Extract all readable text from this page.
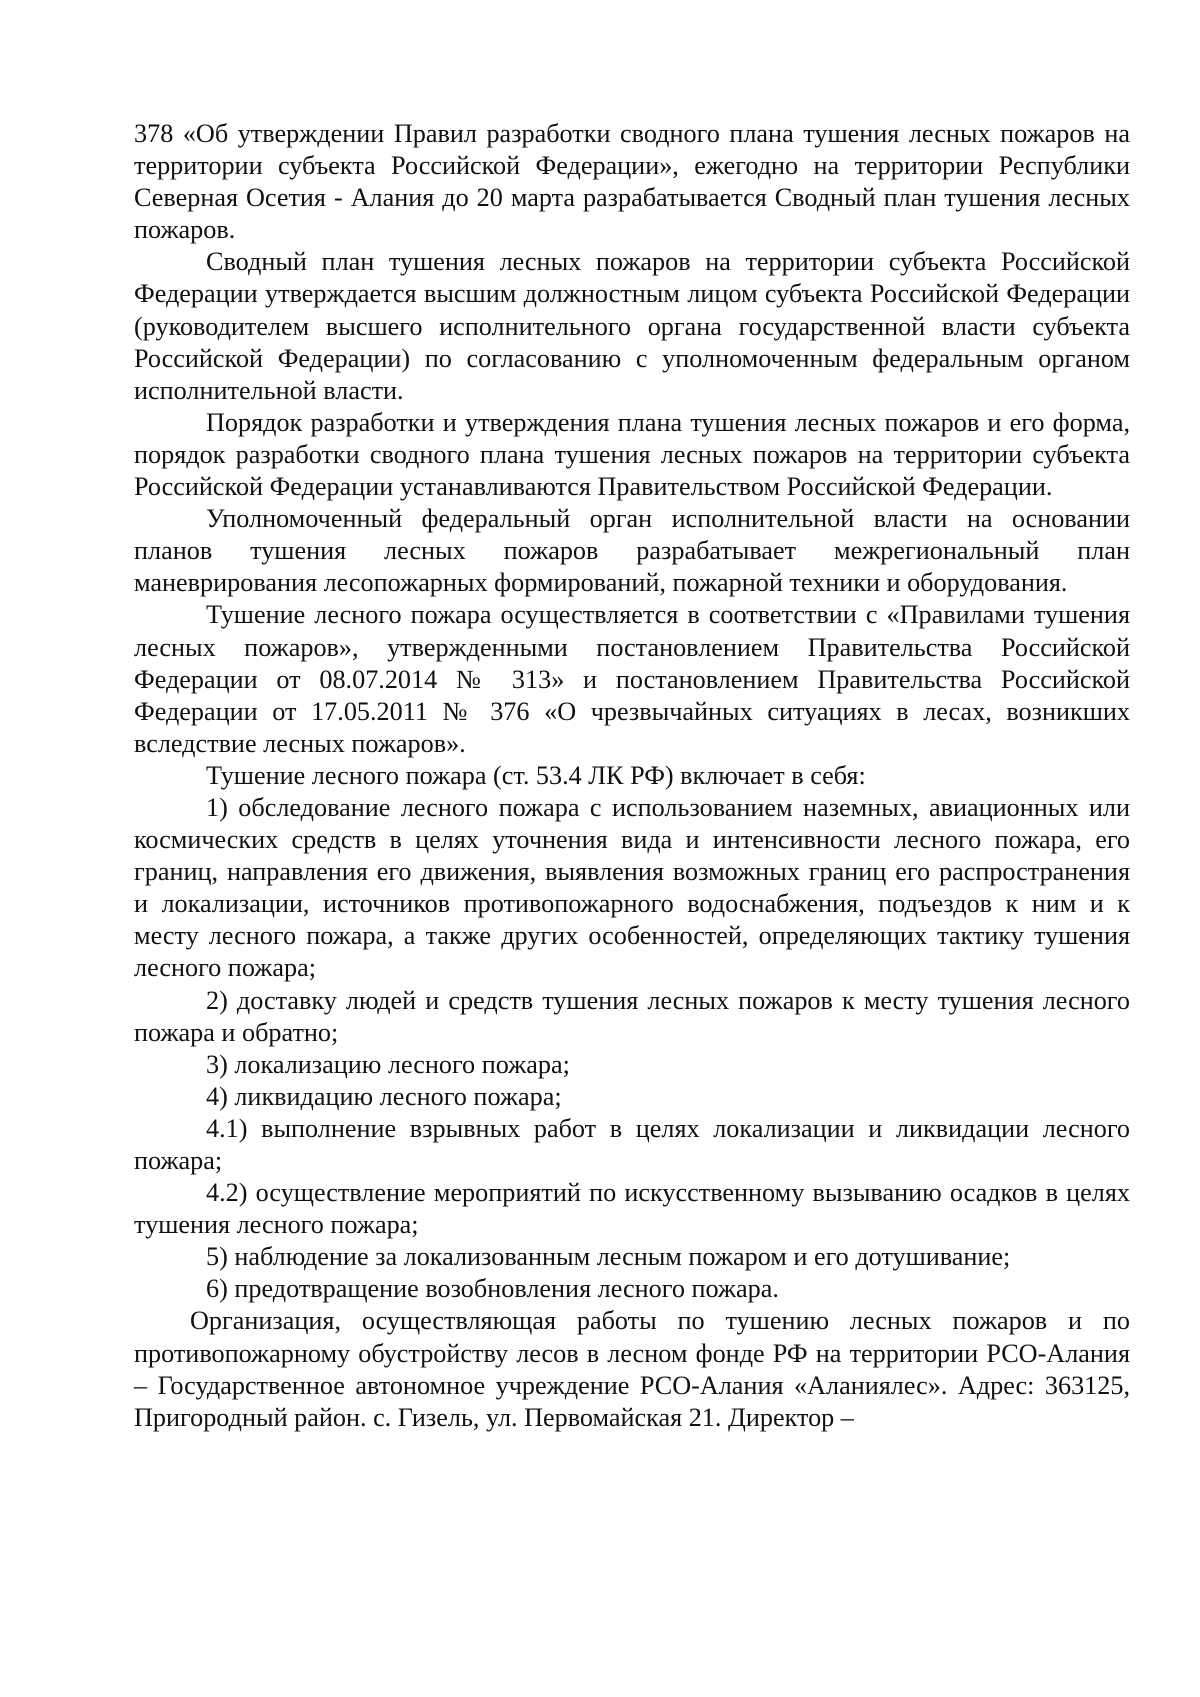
378 «Об утверждении Правил разработки сводного плана тушения лесных пожаров на территории субъекта Российской Федерации», ежегодно на территории Республики Северная Осетия - Алания до 20 марта разрабатывается Сводный план тушения лесных пожаров.

Сводный план тушения лесных пожаров на территории субъекта Российской Федерации утверждается высшим должностным лицом субъекта Российской Федерации (руководителем высшего исполнительного органа государственной власти субъекта Российской Федерации) по согласованию с уполномоченным федеральным органом исполнительной власти.

Порядок разработки и утверждения плана тушения лесных пожаров и его форма, порядок разработки сводного плана тушения лесных пожаров на территории субъекта Российской Федерации устанавливаются Правительством Российской Федерации.

Уполномоченный федеральный орган исполнительной власти на основании планов тушения лесных пожаров разрабатывает межрегиональный план маневрирования лесопожарных формирований, пожарной техники и оборудования.

Тушение лесного пожара осуществляется в соответствии с «Правилами тушения лесных пожаров», утвержденными постановлением Правительства Российской Федерации от 08.07.2014 № 313» и постановлением Правительства Российской Федерации от 17.05.2011 № 376 «О чрезвычайных ситуациях в лесах, возникших вследствие лесных пожаров».

Тушение лесного пожара (ст. 53.4 ЛК РФ) включает в себя:

1) обследование лесного пожара с использованием наземных, авиационных или космических средств в целях уточнения вида и интенсивности лесного пожара, его границ, направления его движения, выявления возможных границ его распространения и локализации, источников противопожарного водоснабжения, подъездов к ним и к месту лесного пожара, а также других особенностей, определяющих тактику тушения лесного пожара;

2) доставку людей и средств тушения лесных пожаров к месту тушения лесного пожара и обратно;

3) локализацию лесного пожара;

4) ликвидацию лесного пожара;

4.1) выполнение взрывных работ в целях локализации и ликвидации лесного пожара;

4.2) осуществление мероприятий по искусственному вызыванию осадков в целях тушения лесного пожара;

5) наблюдение за локализованным лесным пожаром и его дотушивание;

6) предотвращение возобновления лесного пожара.

Организация, осуществляющая работы по тушению лесных пожаров и по противопожарному обустройству лесов в лесном фонде РФ на территории РСО-Алания – Государственное автономное учреждение РСО-Алания «Аланиялес». Адрес: 363125, Пригородный район. с. Гизель, ул. Первомайская 21. Директор –
